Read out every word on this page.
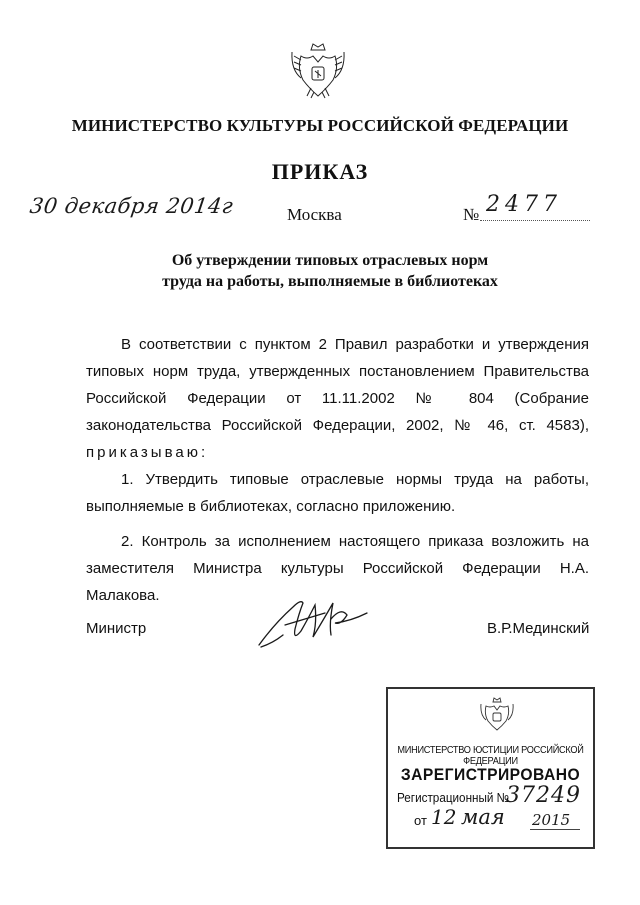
МИНИСТЕРСТВО КУЛЬТУРЫ РОССИЙСКОЙ ФЕДЕРАЦИИ
ПРИКАЗ
30 декабря 2014г	Москва	№ 2477
Об утверждении типовых отраслевых норм
труда на работы, выполняемые в библиотеках

В соответствии с пунктом 2 Правил разработки и утверждения типовых норм труда, утвержденных постановлением Правительства Российской Федерации от 11.11.2002 № 804 (Собрание законодательства Российской Федерации, 2002, № 46, ст. 4583), приказываю:

1. Утвердить типовые отраслевые нормы труда на работы, выполняемые в библиотеках, согласно приложению.

2. Контроль за исполнением настоящего приказа возложить на заместителя Министра культуры Российской Федерации Н.А. Малакова.

Министр	В.Р.Мединский
МИНИСТЕРСТВО ЮСТИЦИИ РОССИЙСКОЙ ФЕДЕРАЦИИ
ЗАРЕГИСТРИРОВАНО
Регистрационный №
37249
от 12 мая 2015
